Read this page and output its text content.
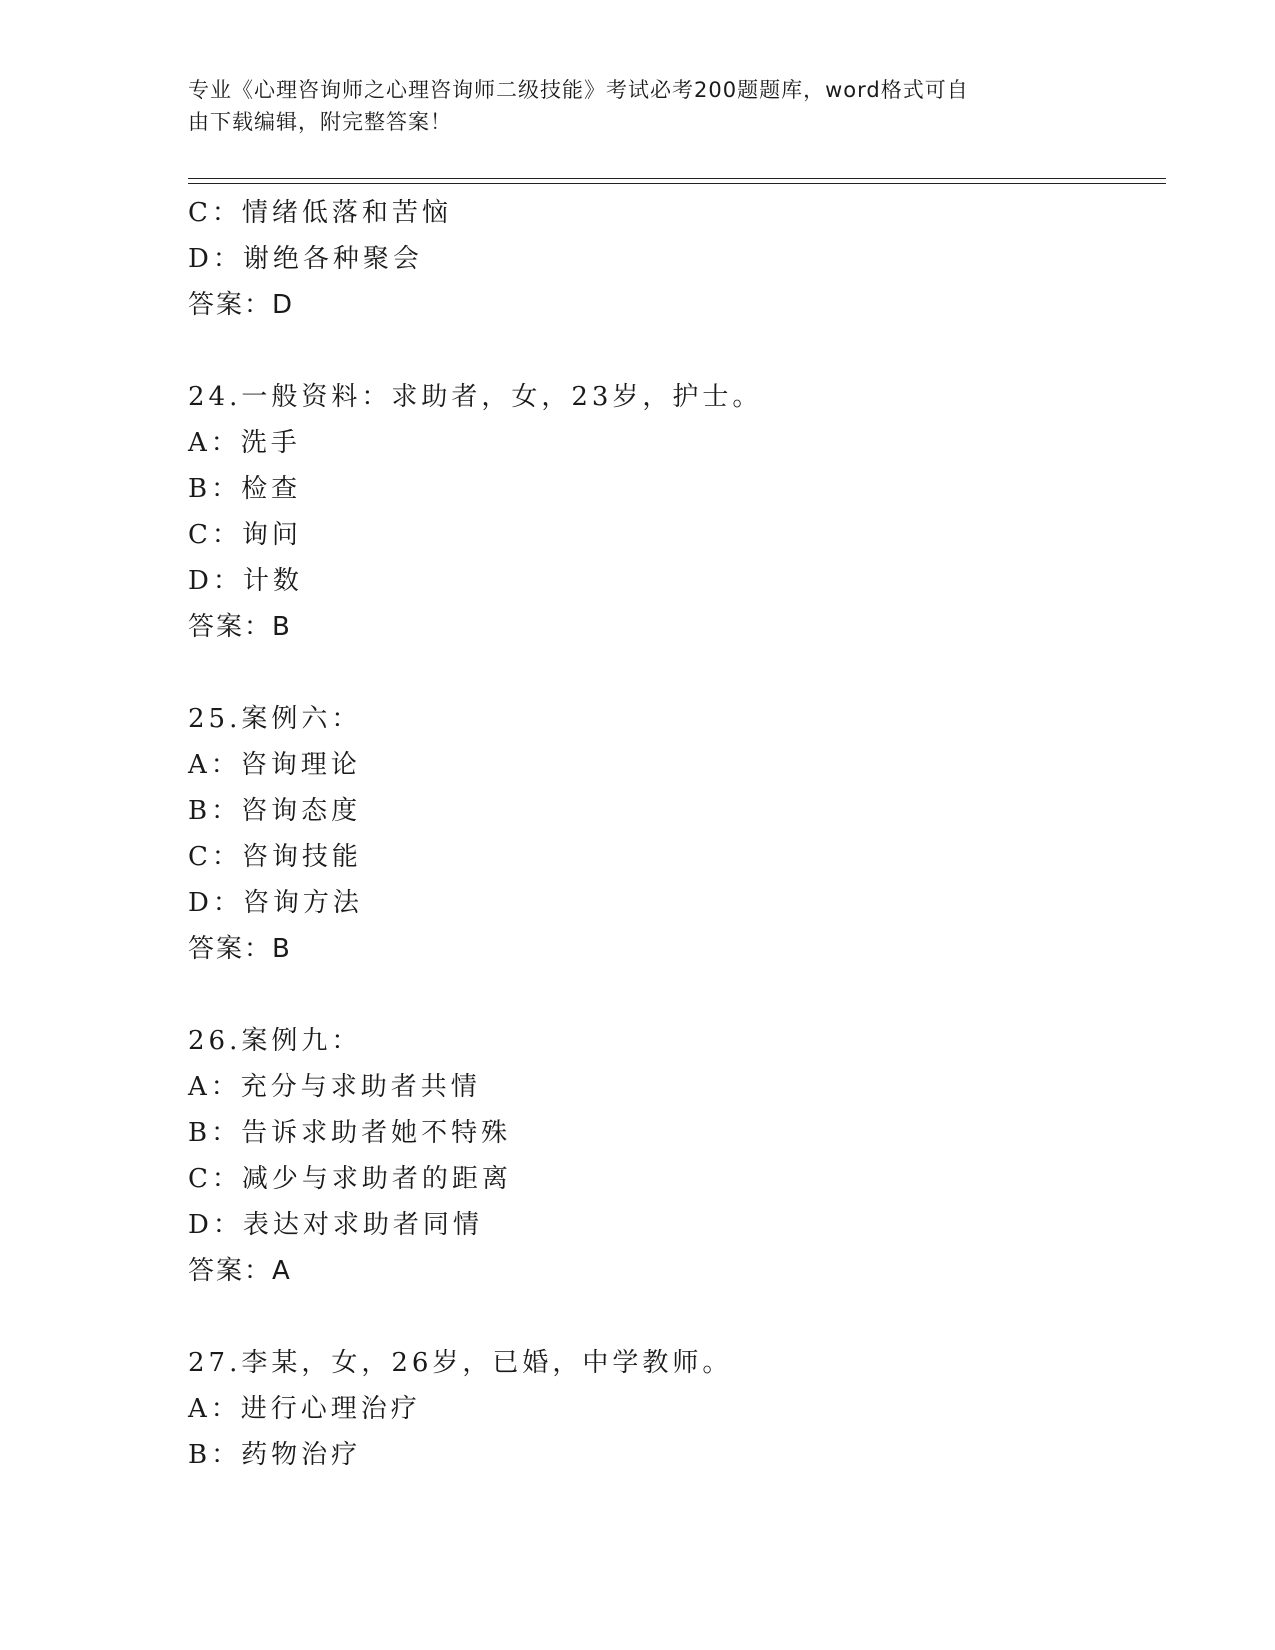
专业《心理咨询师之心理咨询师二级技能》考试必考200题题库，word格式可自
由下载编辑，附完整答案！
C：情绪低落和苦恼
D：谢绝各种聚会
答案：D
24.一般资料：求助者，女，23岁，护士。
A：洗手
B：检查
C：询问
D：计数
答案：B
25.案例六：
A：咨询理论
B：咨询态度
C：咨询技能
D：咨询方法
答案：B
26.案例九：
A：充分与求助者共情
B：告诉求助者她不特殊
C：减少与求助者的距离
D：表达对求助者同情
答案：A
27.李某，女，26岁，已婚，中学教师。
A：进行心理治疗
B：药物治疗
